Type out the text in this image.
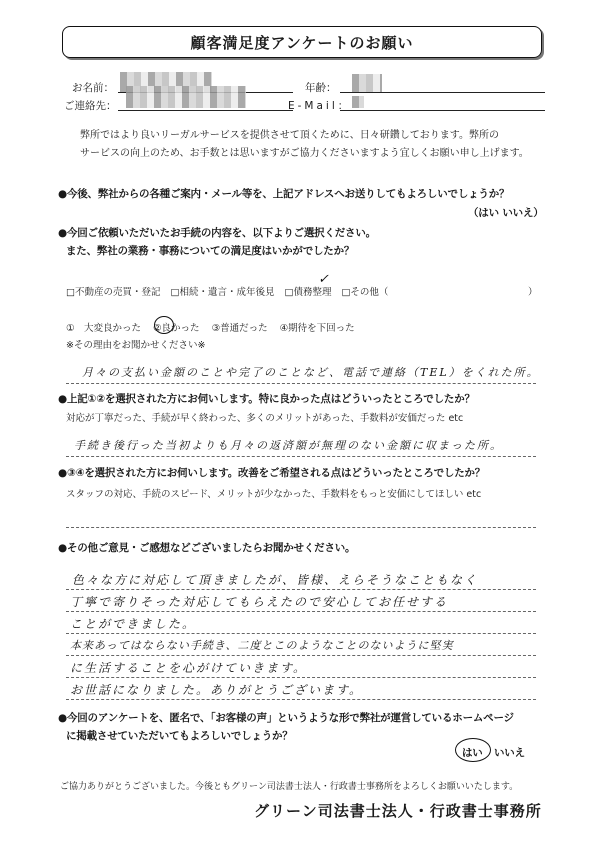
顧客満足度アンケートのお願い
お名前：	年齢：
ご連絡先：	E-Mail：
弊所ではより良いリーガルサービスを提供させて頂くために、日々研鑽しております。弊所の
サービスの向上のため、お手数とは思いますがご協力くださいますよう宜しくお願い申し上げます。
●今後、弊社からの各種ご案内・メール等を、上記アドレスへお送りしてもよろしいでしょうか？
（はい いいえ）
●今回ご依頼いただいたお手続の内容を、以下よりご選択ください。
また、弊社の業務・事務についての満足度はいかがでしたか？
□不動産の売買・登記 □相続・遺言・成年後見 □債務整理 □その他（	）
✓
①　大変良かった ②良かった ③普通だった ④期待を下回った
※その理由をお聞かせください※
月々の支払い金額のことや完了のことなど、電話で連絡（TEL）をくれた所。
●上記①②を選択された方にお伺いします。特に良かった点はどういったところでしたか？
対応が丁寧だった、手続が早く終わった、多くのメリットがあった、手数料が安価だった etc
手続き後行った当初よりも月々の返済額が無理のない金額に収まった所。
●③④を選択された方にお伺いします。改善をご希望される点はどういったところでしたか？
スタッフの対応、手続のスピード、メリットが少なかった、手数料をもっと安価にしてほしい etc
●その他ご意見・ご感想などございましたらお聞かせください。
色々な方に対応して頂きましたが、皆様、えらそうなこともなく
丁寧で寄りそった対応してもらえたので安心してお任せする
ことができました。
本来あってはならない手続き、二度とこのようなことのないように堅実
に生活することを心がけていきます。
お世話になりました。ありがとうございます。
●今回のアンケートを、匿名で、「お客様の声」というような形で弊社が運営しているホームページ
に掲載させていただいてもよろしいでしょうか？
はい いいえ
ご協力ありがとうございました。今後ともグリーン司法書士法人・行政書士事務所をよろしくお願いいたします。
グリーン司法書士法人・行政書士事務所
